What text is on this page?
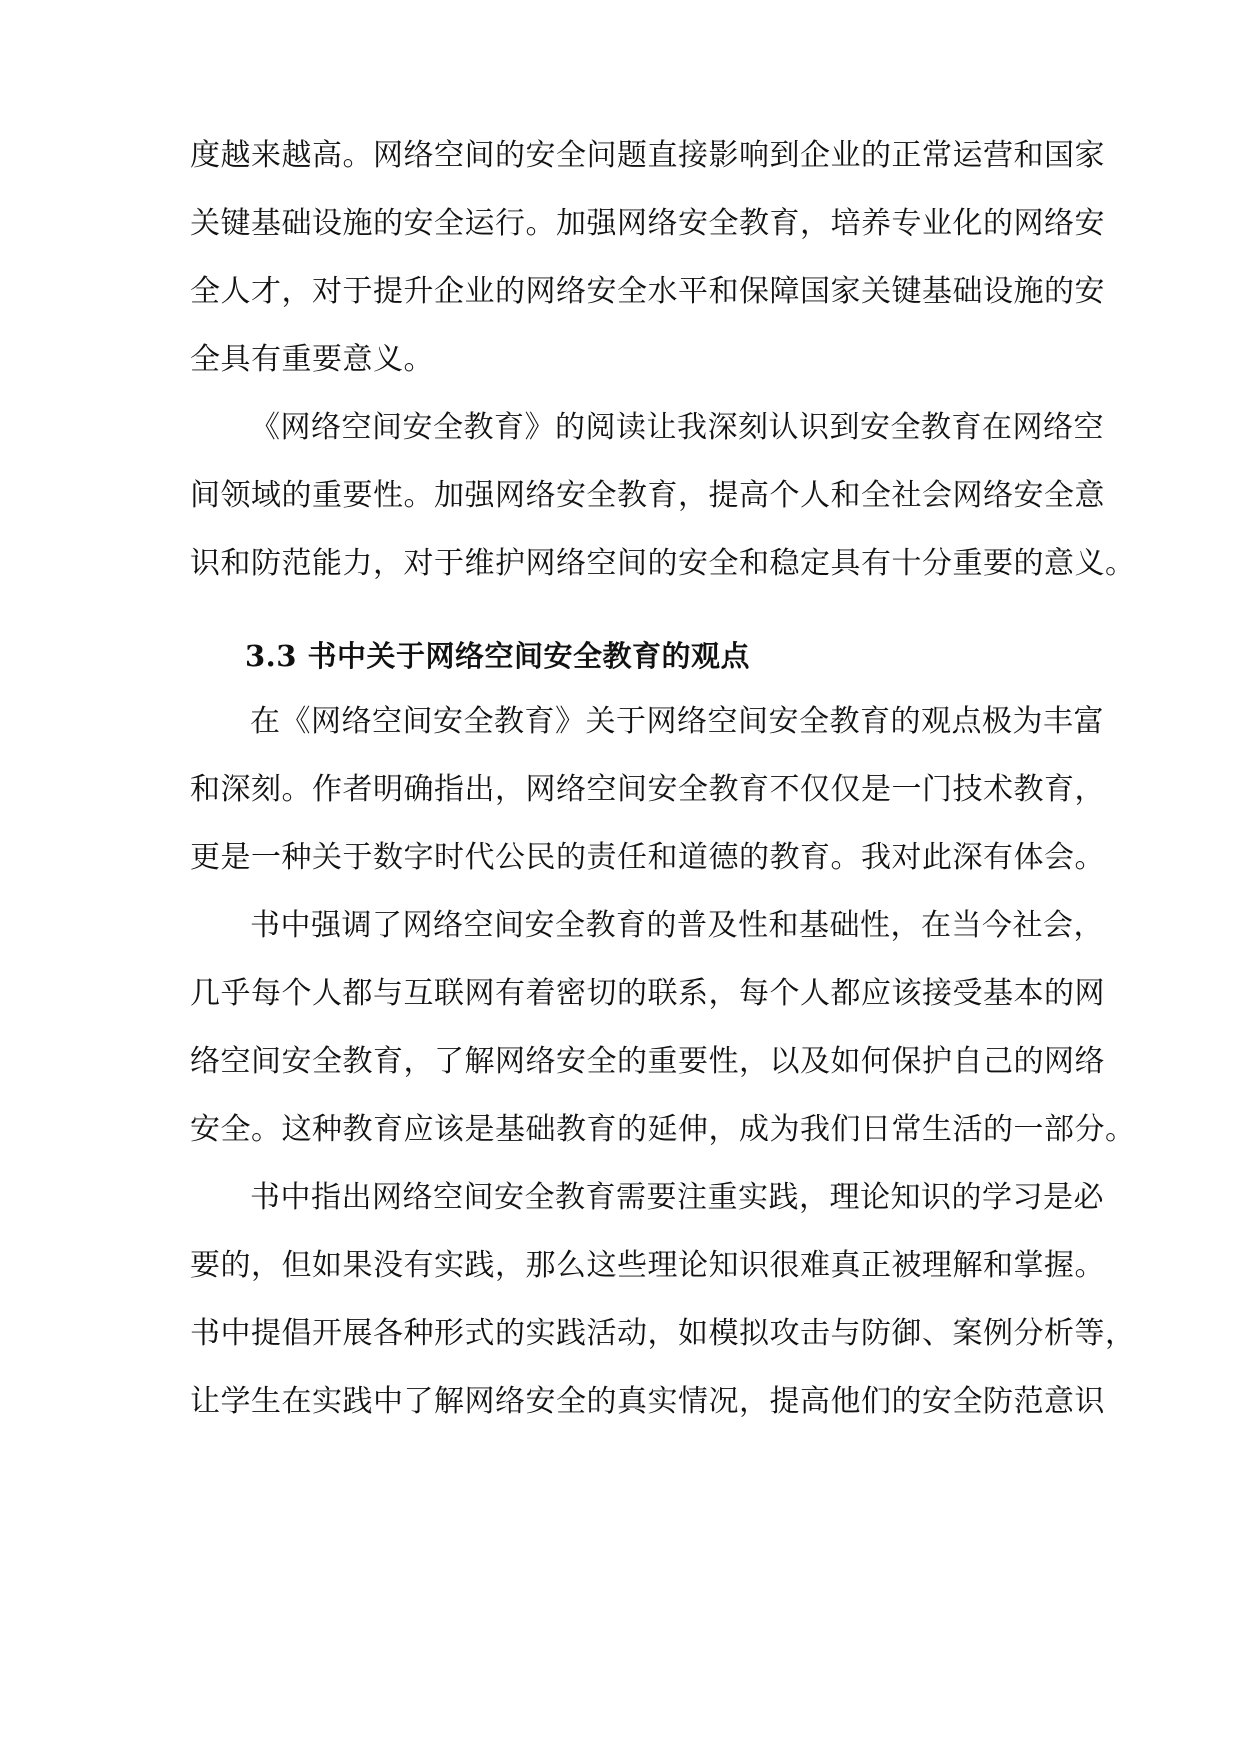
度越来越高。网络空间的安全问题直接影响到企业的正常运营和国家
关键基础设施的安全运行。加强网络安全教育，培养专业化的网络安
全人才，对于提升企业的网络安全水平和保障国家关键基础设施的安
全具有重要意义。
《网络空间安全教育》的阅读让我深刻认识到安全教育在网络空
间领域的重要性。加强网络安全教育，提高个人和全社会网络安全意
识和防范能力，对于维护网络空间的安全和稳定具有十分重要的意义。
3.3 书中关于网络空间安全教育的观点
在《网络空间安全教育》关于网络空间安全教育的观点极为丰富
和深刻。作者明确指出，网络空间安全教育不仅仅是一门技术教育，
更是一种关于数字时代公民的责任和道德的教育。我对此深有体会。
书中强调了网络空间安全教育的普及性和基础性，在当今社会，
几乎每个人都与互联网有着密切的联系，每个人都应该接受基本的网
络空间安全教育，了解网络安全的重要性，以及如何保护自己的网络
安全。这种教育应该是基础教育的延伸，成为我们日常生活的一部分。
书中指出网络空间安全教育需要注重实践，理论知识的学习是必
要的，但如果没有实践，那么这些理论知识很难真正被理解和掌握。
书中提倡开展各种形式的实践活动，如模拟攻击与防御、案例分析等，
让学生在实践中了解网络安全的真实情况，提高他们的安全防范意识
